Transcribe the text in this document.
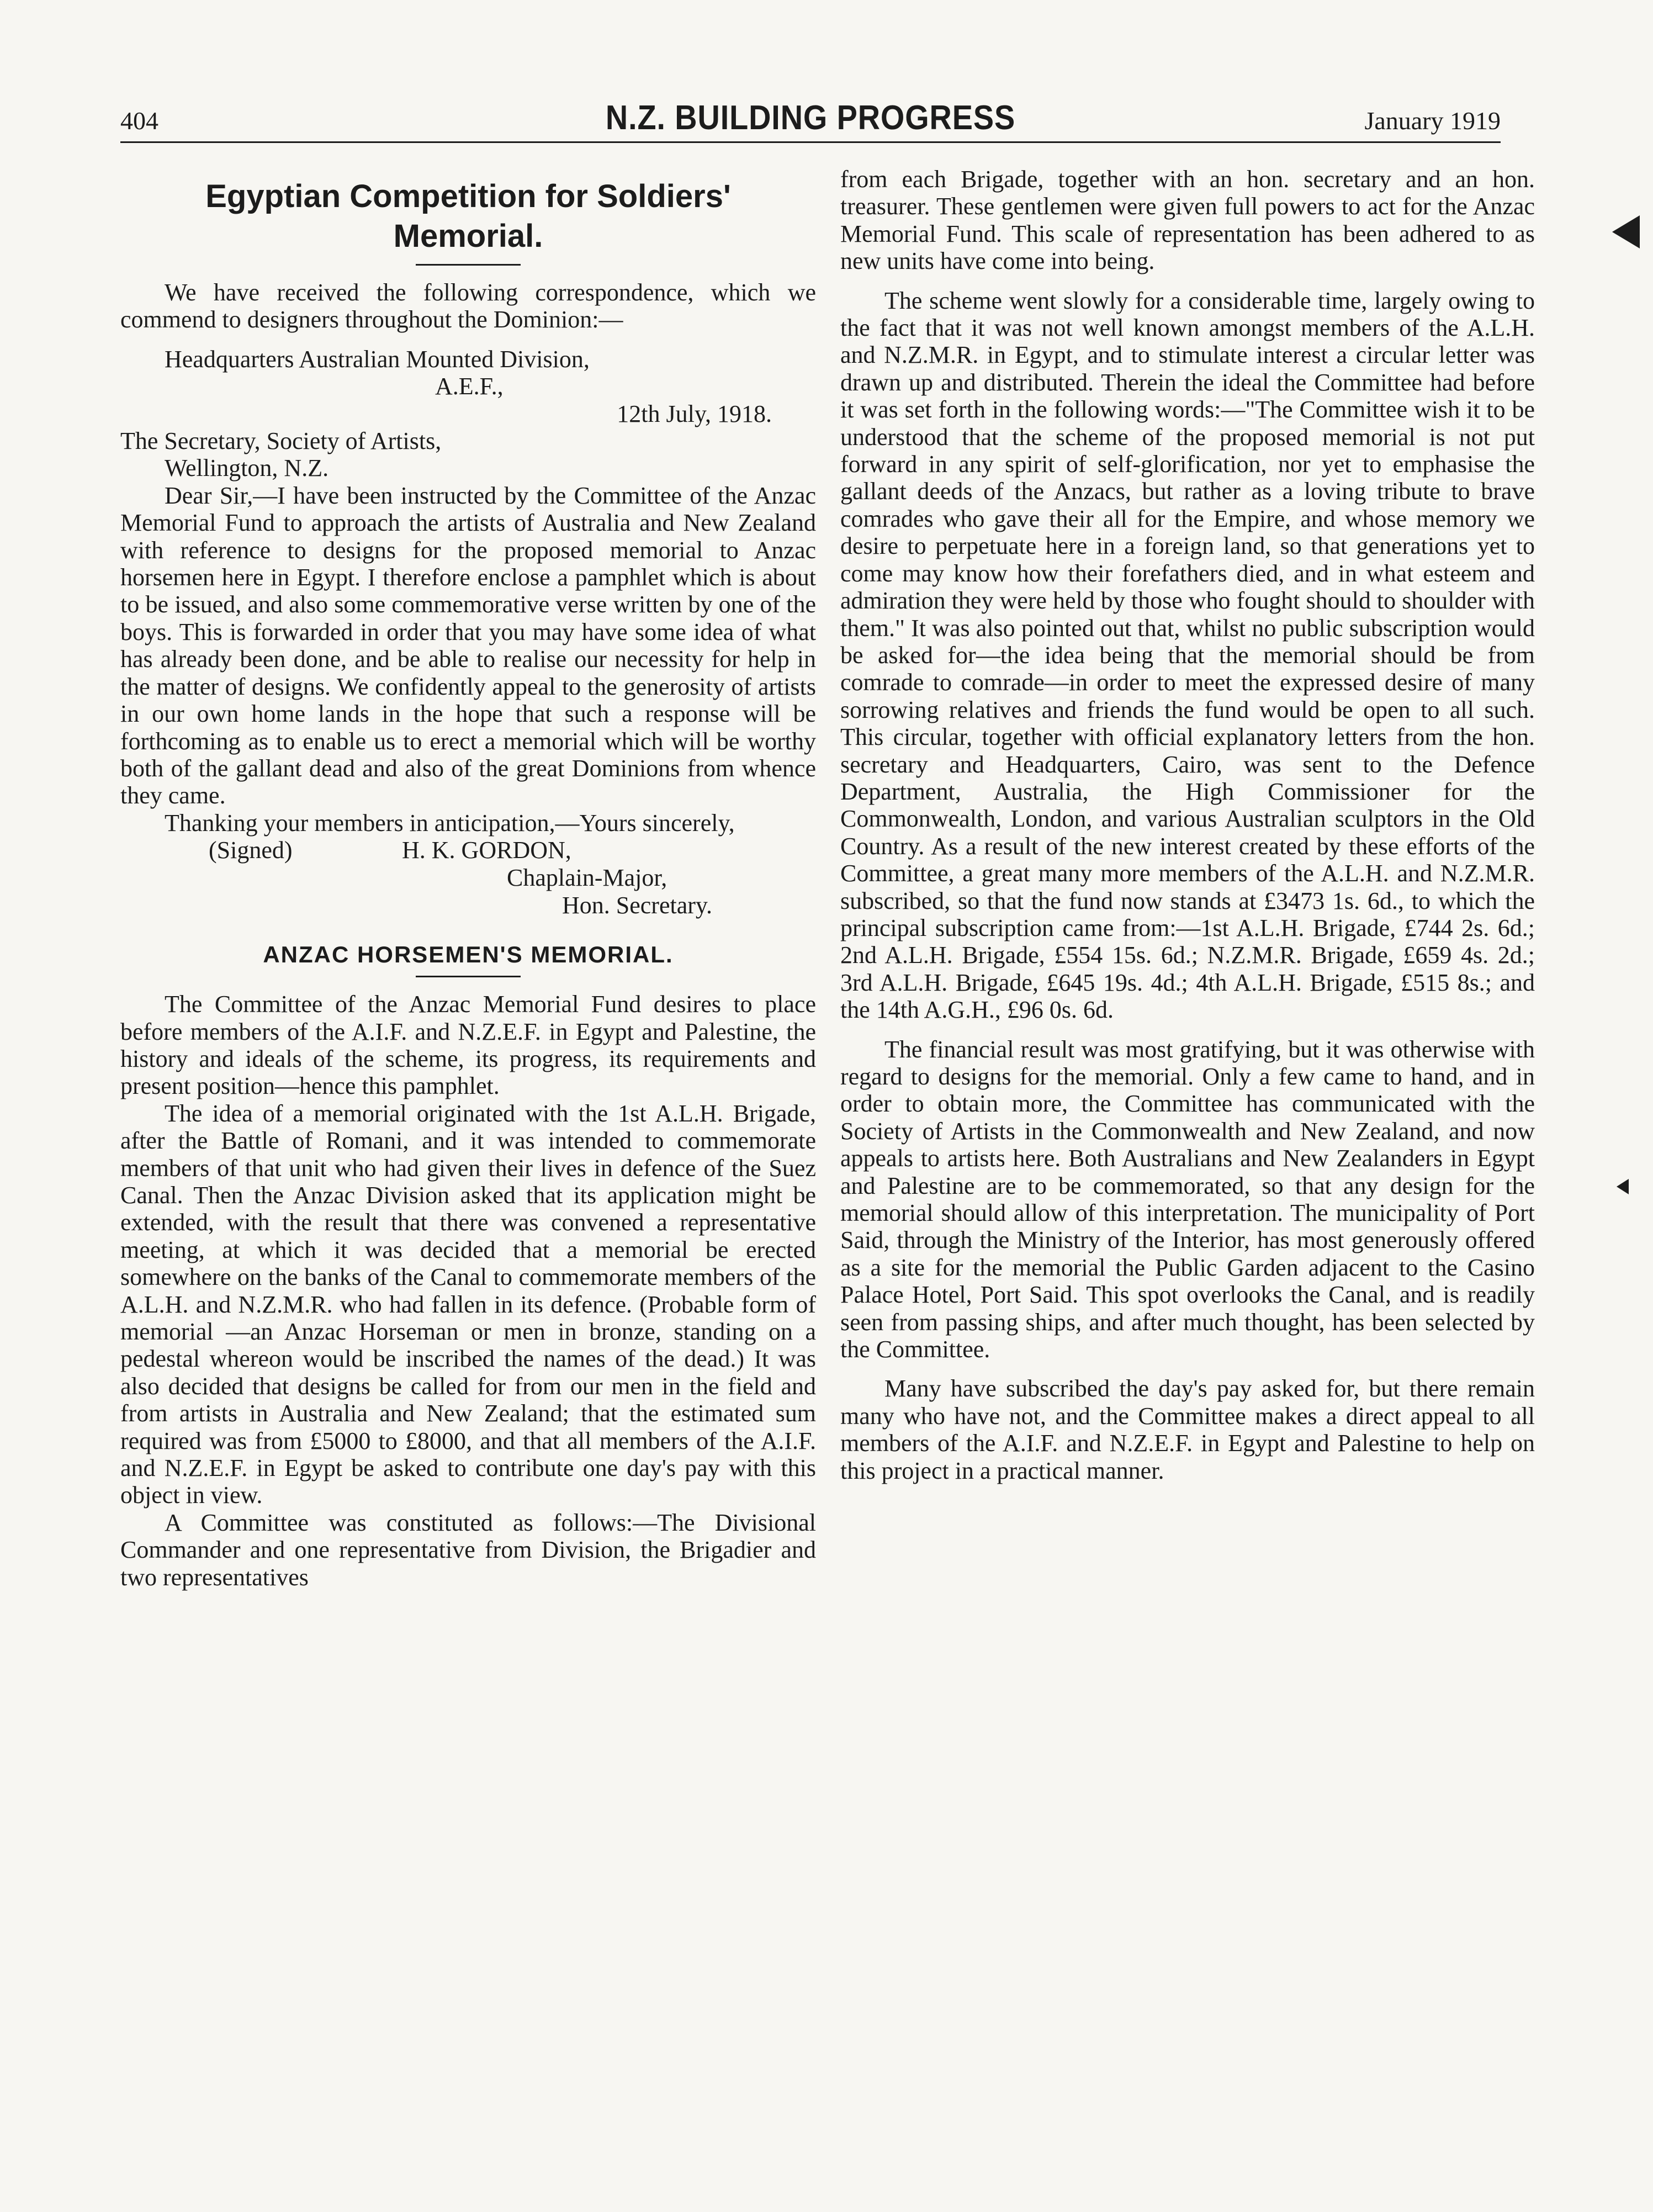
404	N.Z. BUILDING PROGRESS	January 1919
Egyptian Competition for Soldiers'
Memorial.

We have received the following correspondence, which we commend to designers throughout the Dominion:—

Headquarters Australian Mounted Division,
A.E.F.,
12th July, 1918.
The Secretary, Society of Artists,
Wellington, N.Z.

Dear Sir,—I have been instructed by the Committee of the Anzac Memorial Fund to approach the artists of Australia and New Zealand with reference to designs for the proposed memorial to Anzac horsemen here in Egypt. I therefore enclose a pamphlet which is about to be issued, and also some commemorative verse written by one of the boys. This is forwarded in order that you may have some idea of what has already been done, and be able to realise our necessity for help in the matter of designs. We confidently appeal to the generosity of artists in our own home lands in the hope that such a response will be forthcoming as to enable us to erect a memorial which will be worthy both of the gallant dead and also of the great Dominions from whence they came.

Thanking your members in anticipation,—Yours sincerely,

(Signed)	H. K. GORDON,
Chaplain-Major,
Hon. Secretary.
ANZAC HORSEMEN'S MEMORIAL.

The Committee of the Anzac Memorial Fund desires to place before members of the A.I.F. and N.Z.E.F. in Egypt and Palestine, the history and ideals of the scheme, its progress, its requirements and present position—hence this pamphlet.

The idea of a memorial originated with the 1st A.L.H. Brigade, after the Battle of Romani, and it was intended to commemorate members of that unit who had given their lives in defence of the Suez Canal. Then the Anzac Division asked that its application might be extended, with the result that there was convened a representative meeting, at which it was decided that a memorial be erected somewhere on the banks of the Canal to commemorate members of the A.L.H. and N.Z.M.R. who had fallen in its defence. (Probable form of memorial —an Anzac Horseman or men in bronze, standing on a pedestal whereon would be inscribed the names of the dead.) It was also decided that designs be called for from our men in the field and from artists in Australia and New Zealand; that the estimated sum required was from £5000 to £8000, and that all members of the A.I.F. and N.Z.E.F. in Egypt be asked to contribute one day's pay with this object in view.

A Committee was constituted as follows:—The Divisional Commander and one representative from Division, the Brigadier and two representatives

from each Brigade, together with an hon. secretary and an hon. treasurer. These gentlemen were given full powers to act for the Anzac Memorial Fund. This scale of representation has been adhered to as new units have come into being.

The scheme went slowly for a considerable time, largely owing to the fact that it was not well known amongst members of the A.L.H. and N.Z.M.R. in Egypt, and to stimulate interest a circular letter was drawn up and distributed. Therein the ideal the Committee had before it was set forth in the following words:—"The Committee wish it to be understood that the scheme of the proposed memorial is not put forward in any spirit of self-glorification, nor yet to emphasise the gallant deeds of the Anzacs, but rather as a loving tribute to brave comrades who gave their all for the Empire, and whose memory we desire to perpetuate here in a foreign land, so that generations yet to come may know how their forefathers died, and in what esteem and admiration they were held by those who fought should to shoulder with them." It was also pointed out that, whilst no public subscription would be asked for—the idea being that the memorial should be from comrade to comrade—in order to meet the expressed desire of many sorrowing relatives and friends the fund would be open to all such. This circular, together with official explanatory letters from the hon. secretary and Headquarters, Cairo, was sent to the Defence Department, Australia, the High Commissioner for the Commonwealth, London, and various Australian sculptors in the Old Country. As a result of the new interest created by these efforts of the Committee, a great many more members of the A.L.H. and N.Z.M.R. subscribed, so that the fund now stands at £3473 1s. 6d., to which the principal subscription came from:—1st A.L.H. Brigade, £744 2s. 6d.; 2nd A.L.H. Brigade, £554 15s. 6d.; N.Z.M.R. Brigade, £659 4s. 2d.; 3rd A.L.H. Brigade, £645 19s. 4d.; 4th A.L.H. Brigade, £515 8s.; and the 14th A.G.H., £96 0s. 6d.

The financial result was most gratifying, but it was otherwise with regard to designs for the memorial. Only a few came to hand, and in order to obtain more, the Committee has communicated with the Society of Artists in the Commonwealth and New Zealand, and now appeals to artists here. Both Australians and New Zealanders in Egypt and Palestine are to be commemorated, so that any design for the memorial should allow of this interpretation. The municipality of Port Said, through the Ministry of the Interior, has most generously offered as a site for the memorial the Public Garden adjacent to the Casino Palace Hotel, Port Said. This spot overlooks the Canal, and is readily seen from passing ships, and after much thought, has been selected by the Committee.

Many have subscribed the day's pay asked for, but there remain many who have not, and the Committee makes a direct appeal to all members of the A.I.F. and N.Z.E.F. in Egypt and Palestine to help on this project in a practical manner.
